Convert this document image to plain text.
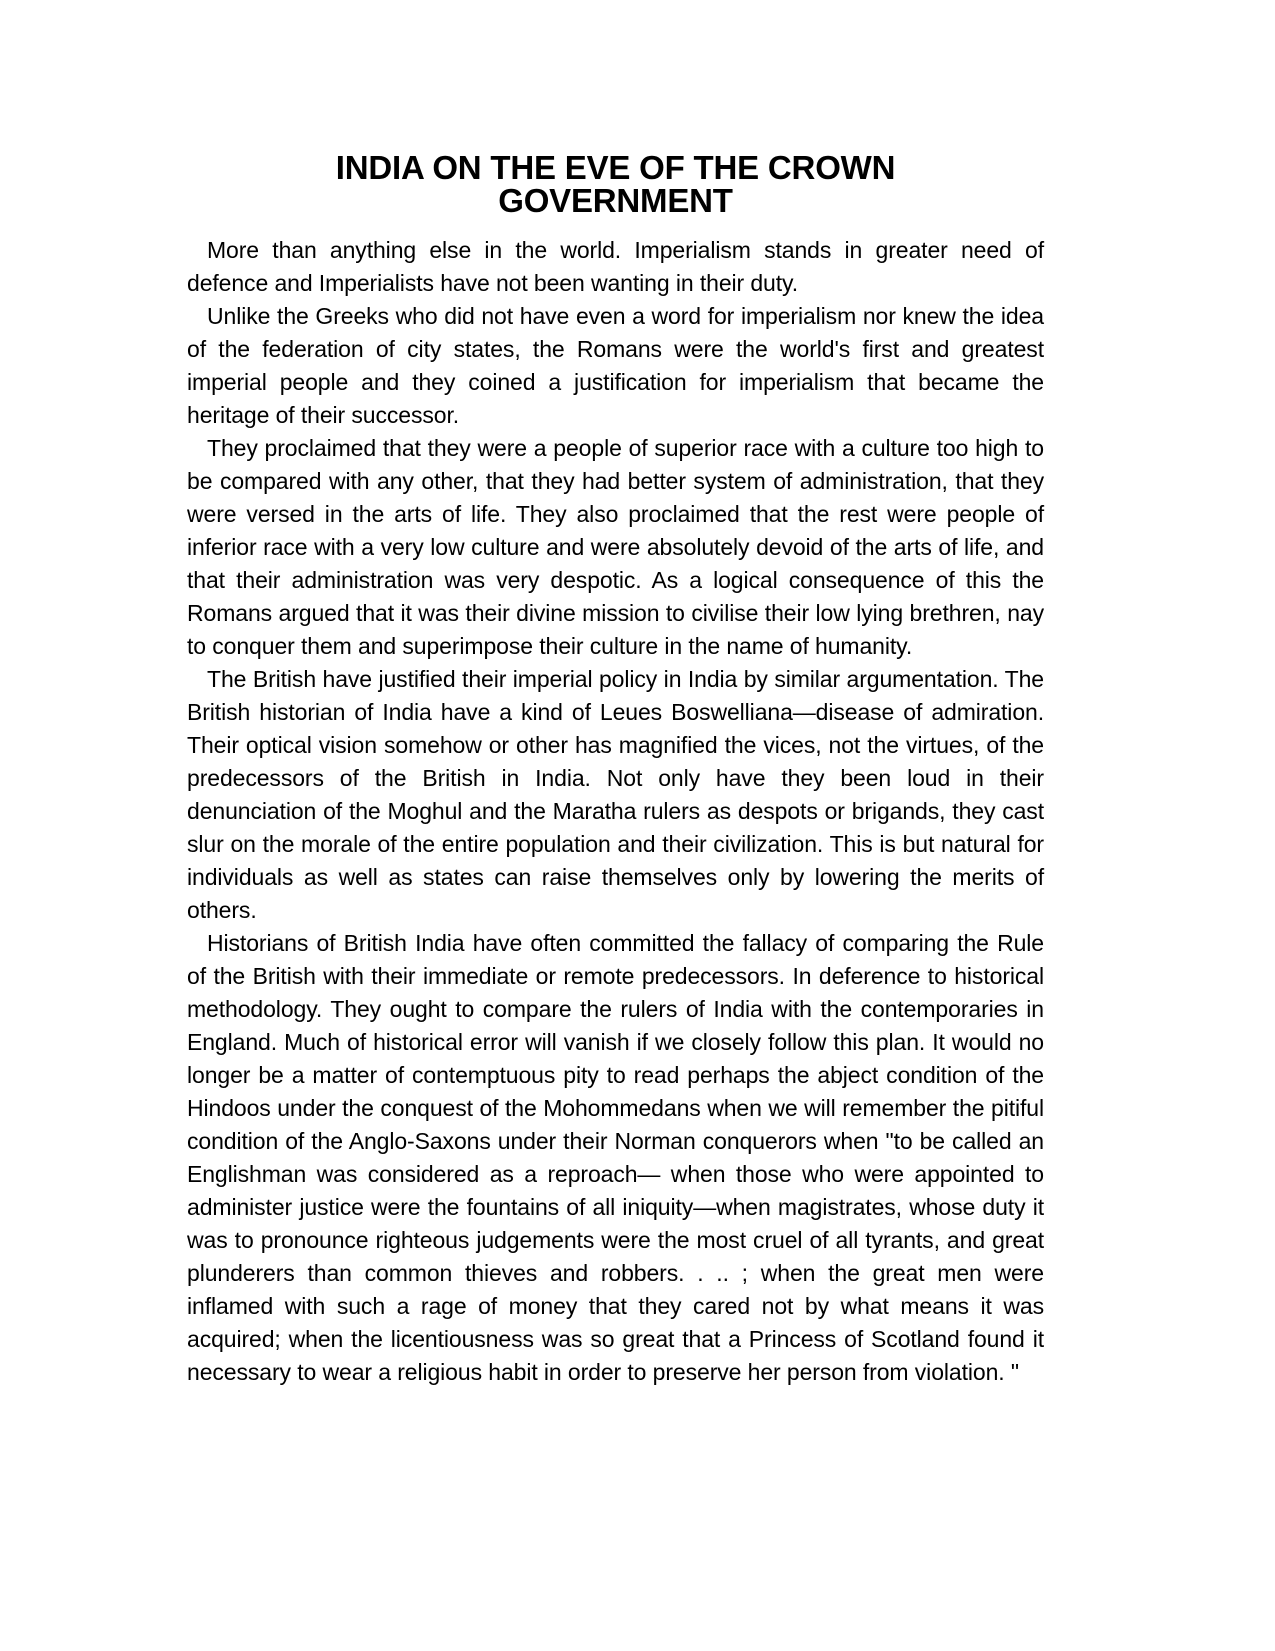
INDIA ON THE EVE OF THE CROWN
GOVERNMENT

More than anything else in the world. Imperialism stands in greater need of defence and Imperialists have not been wanting in their duty.

Unlike the Greeks who did not have even a word for imperialism nor knew the idea of the federation of city states, the Romans were the world's first and greatest imperial people and they coined a justification for imperialism that became the heritage of their successor.

They proclaimed that they were a people of superior race with a culture too high to be compared with any other, that they had better system of administration, that they were versed in the arts of life. They also proclaimed that the rest were people of inferior race with a very low culture and were absolutely devoid of the arts of life, and that their administration was very despotic. As a logical consequence of this the Romans argued that it was their divine mission to civilise their low lying brethren, nay to conquer them and superimpose their culture in the name of humanity.

The British have justified their imperial policy in India by similar argumentation. The British historian of India have a kind of Leues Boswelliana—disease of admiration. Their optical vision somehow or other has magnified the vices, not the virtues, of the predecessors of the British in India. Not only have they been loud in their denunciation of the Moghul and the Maratha rulers as despots or brigands, they cast slur on the morale of the entire population and their civilization. This is but natural for individuals as well as states can raise themselves only by lowering the merits of others.

Historians of British India have often committed the fallacy of comparing the Rule of the British with their immediate or remote predecessors. In deference to historical methodology. They ought to compare the rulers of India with the contemporaries in England. Much of historical error will vanish if we closely follow this plan. It would no longer be a matter of contemptuous pity to read perhaps the abject condition of the Hindoos under the conquest of the Mohommedans when we will remember the pitiful condition of the Anglo-Saxons under their Norman conquerors when "to be called an Englishman was considered as a reproach— when those who were appointed to administer justice were the fountains of all iniquity—when magistrates, whose duty it was to pronounce righteous judgements were the most cruel of all tyrants, and great plunderers than common thieves and robbers. . .. ; when the great men were inflamed with such a rage of money that they cared not by what means it was acquired; when the licentiousness was so great that a Princess of Scotland found it necessary to wear a religious habit in order to preserve her person from violation. "
